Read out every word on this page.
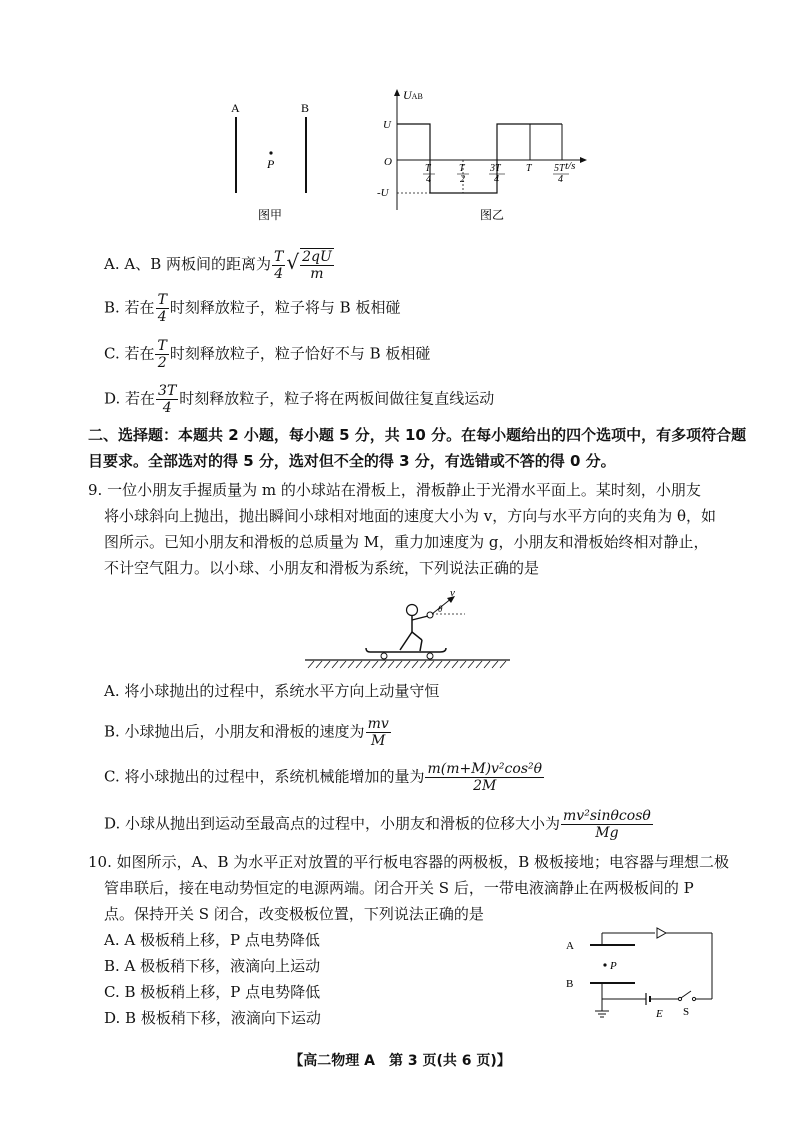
A	B
P
图甲
UAB
t/s
O
U
-U
T
4
T
2
3T
4
T 5T
4
图乙
A. A、B 两板间的距离为 $\frac{T}{4}$ √ $\frac{2qU}{m}$
B. 若在 $\frac{T}{4}$ 时刻释放粒子，粒子将与 B 板相碰
C. 若在 $\frac{T}{2}$ 时刻释放粒子，粒子恰好不与 B 板相碰
D. 若在 $\frac{3T}{4}$ 时刻释放粒子，粒子将在两板间做往复直线运动
二、选择题：本题共 2 小题，每小题 5 分，共 10 分。在每小题给出的四个选项中，有多项符合题
目要求。全部选对的得 5 分，选对但不全的得 3 分，有选错或不答的得 0 分。
9. 一位小朋友手握质量为 m 的小球站在滑板上，滑板静止于光滑水平面上。某时刻，小朋友
将小球斜向上抛出，抛出瞬间小球相对地面的速度大小为 v，方向与水平方向的夹角为 θ，如
图所示。已知小朋友和滑板的总质量为 M，重力加速度为 g，小朋友和滑板始终相对静止，
不计空气阻力。以小球、小朋友和滑板为系统，下列说法正确的是
v
θ
A. 将小球抛出的过程中，系统水平方向上动量守恒
B. 小球抛出后，小朋友和滑板的速度为 $\frac{mv}{M}$
C. 将小球抛出的过程中，系统机械能增加的量为 $\frac{\text{m(m+M)v²cos²θ}}{2M}$
D. 小球从抛出到运动至最高点的过程中，小朋友和滑板的位移大小为 $\frac{\text{mv²sinθcosθ}}{Mg}$
10. 如图所示，A、B 为水平正对放置的平行板电容器的两极板，B 极板接地；电容器与理想二极
管串联后，接在电动势恒定的电源两端。闭合开关 S 后，一带电液滴静止在两极板间的 P
点。保持开关 S 闭合，改变极板位置，下列说法正确的是
A. A 极板稍上移，P 点电势降低
B. A 极板稍下移，液滴向上运动
C. B 极板稍上移，P 点电势降低
D. B 极板稍下移，液滴向下运动
A
B
P
E S
【高二物理 A　第 3 页(共 6 页)】
